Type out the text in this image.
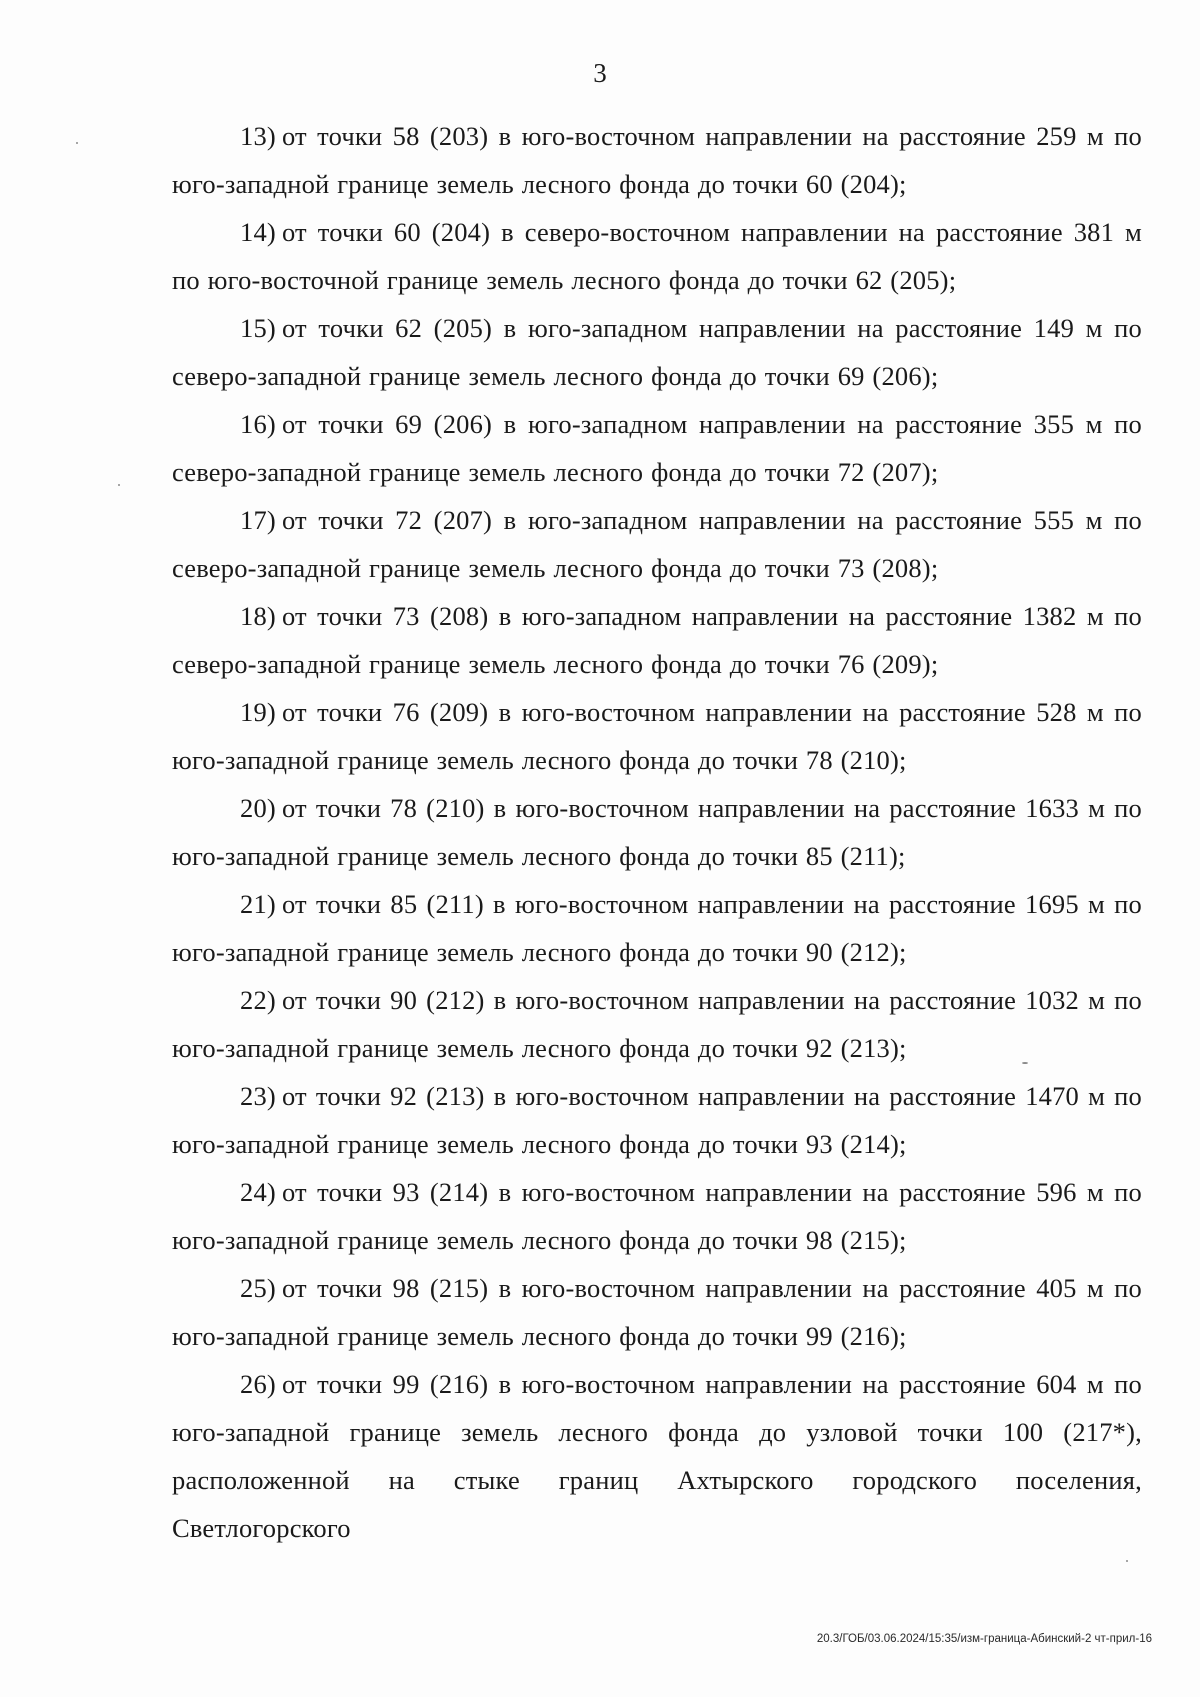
3

13) от точки 58 (203) в юго-восточном направлении на расстояние 259 м по юго-западной границе земель лесного фонда до точки 60 (204);

14) от точки 60 (204) в северо-восточном направлении на расстояние 381 м по юго-восточной границе земель лесного фонда до точки 62 (205);

15) от точки 62 (205) в юго-западном направлении на расстояние 149 м по северо-западной границе земель лесного фонда до точки 69 (206);

16) от точки 69 (206) в юго-западном направлении на расстояние 355 м по северо-западной границе земель лесного фонда до точки 72 (207);

17) от точки 72 (207) в юго-западном направлении на расстояние 555 м по северо-западной границе земель лесного фонда до точки 73 (208);

18) от точки 73 (208) в юго-западном направлении на расстояние 1382 м по северо-западной границе земель лесного фонда до точки 76 (209);

19) от точки 76 (209) в юго-восточном направлении на расстояние 528 м по юго-западной границе земель лесного фонда до точки 78 (210);

20) от точки 78 (210) в юго-восточном направлении на расстояние 1633 м по юго-западной границе земель лесного фонда до точки 85 (211);

21) от точки 85 (211) в юго-восточном направлении на расстояние 1695 м по юго-западной границе земель лесного фонда до точки 90 (212);

22) от точки 90 (212) в юго-восточном направлении на расстояние 1032 м по юго-западной границе земель лесного фонда до точки 92 (213);

23) от точки 92 (213) в юго-восточном направлении на расстояние 1470 м по юго-западной границе земель лесного фонда до точки 93 (214);

24) от точки 93 (214) в юго-восточном направлении на расстояние 596 м по юго-западной границе земель лесного фонда до точки 98 (215);

25) от точки 98 (215) в юго-восточном направлении на расстояние 405 м по юго-западной границе земель лесного фонда до точки 99 (216);

26) от точки 99 (216) в юго-восточном направлении на расстояние 604 м по юго-западной границе земель лесного фонда до узловой точки 100 (217*), расположенной на стыке границ Ахтырского городского поселения, Светлогорского

20.3/ГОБ/03.06.2024/15:35/изм-граница-Абинский-2 чт-прил-16
